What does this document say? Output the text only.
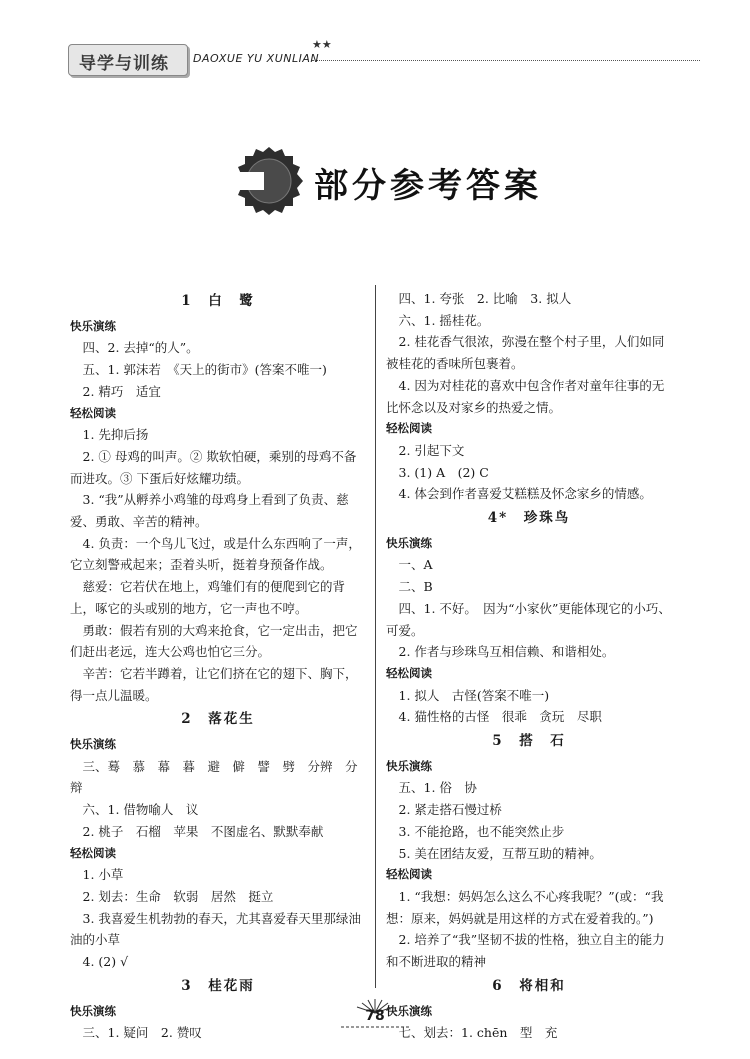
导学与训练 DAOXUE YU XUNLIAN
★★
部分参考答案
1　白　鹭
快乐演练
四、2. 去掉“的人”。
五、1. 郭沫若　《天上的街市》(答案不唯一)
2. 精巧　适宜
轻松阅读
1. 先抑后扬
2. ① 母鸡的叫声。② 欺软怕硬，乘别的母鸡不备而进攻。③ 下蛋后好炫耀功绩。
3. “我”从孵养小鸡雏的母鸡身上看到了负责、慈爱、勇敢、辛苦的精神。
4. 负责：一个鸟儿飞过，或是什么东西响了一声，它立刻警戒起来；歪着头听，挺着身预备作战。
慈爱：它若伏在地上，鸡雏们有的便爬到它的背上，啄它的头或别的地方，它一声也不哼。
勇敢：假若有别的大鸡来抢食，它一定出击，把它们赶出老远，连大公鸡也怕它三分。
辛苦：它若半蹲着，让它们挤在它的翅下、胸下，得一点儿温暖。
2　落花生
快乐演练
三、蓦　慕　幕　暮　避　僻　譬　劈　分辨　分辩
六、1. 借物喻人　议
2. 桃子　石榴　苹果　不图虚名、默默奉献
轻松阅读
1. 小草
2. 划去：生命　软弱　居然　挺立
3. 我喜爱生机勃勃的春天，尤其喜爱春天里那绿油油的小草
4. (2) √
3　桂花雨
快乐演练
三、1. 疑问　2. 赞叹
四、1. 夸张　2. 比喻　3. 拟人
六、1. 摇桂花。
2. 桂花香气很浓，弥漫在整个村子里，人们如同被桂花的香味所包裹着。
4. 因为对桂花的喜欢中包含作者对童年往事的无比怀念以及对家乡的热爱之情。
轻松阅读
2. 引起下文
3. (1) A　(2) C
4. 体会到作者喜爱艾糕糕及怀念家乡的情感。
4*　珍珠鸟
快乐演练
一、A
二、B
四、1. 不好。　因为“小家伙”更能体现它的小巧、可爱。
2. 作者与珍珠鸟互相信赖、和谐相处。
轻松阅读
1. 拟人　古怪(答案不唯一)
4. 猫性格的古怪　很乖　贪玩　尽职
5　搭　石
快乐演练
五、1. 俗　协
2. 紧走搭石慢过桥
3. 不能抢路，也不能突然止步
5. 美在团结友爱，互帮互助的精神。
轻松阅读
1. “我想：妈妈怎么这么不心疼我呢？”(或：“我想：原来，妈妈就是用这样的方式在爱着我的。”)
2. 培养了“我”坚韧不拔的性格，独立自主的能力和不断进取的精神
6　将相和
快乐演练
七、划去：1. chēn　型　充
78
